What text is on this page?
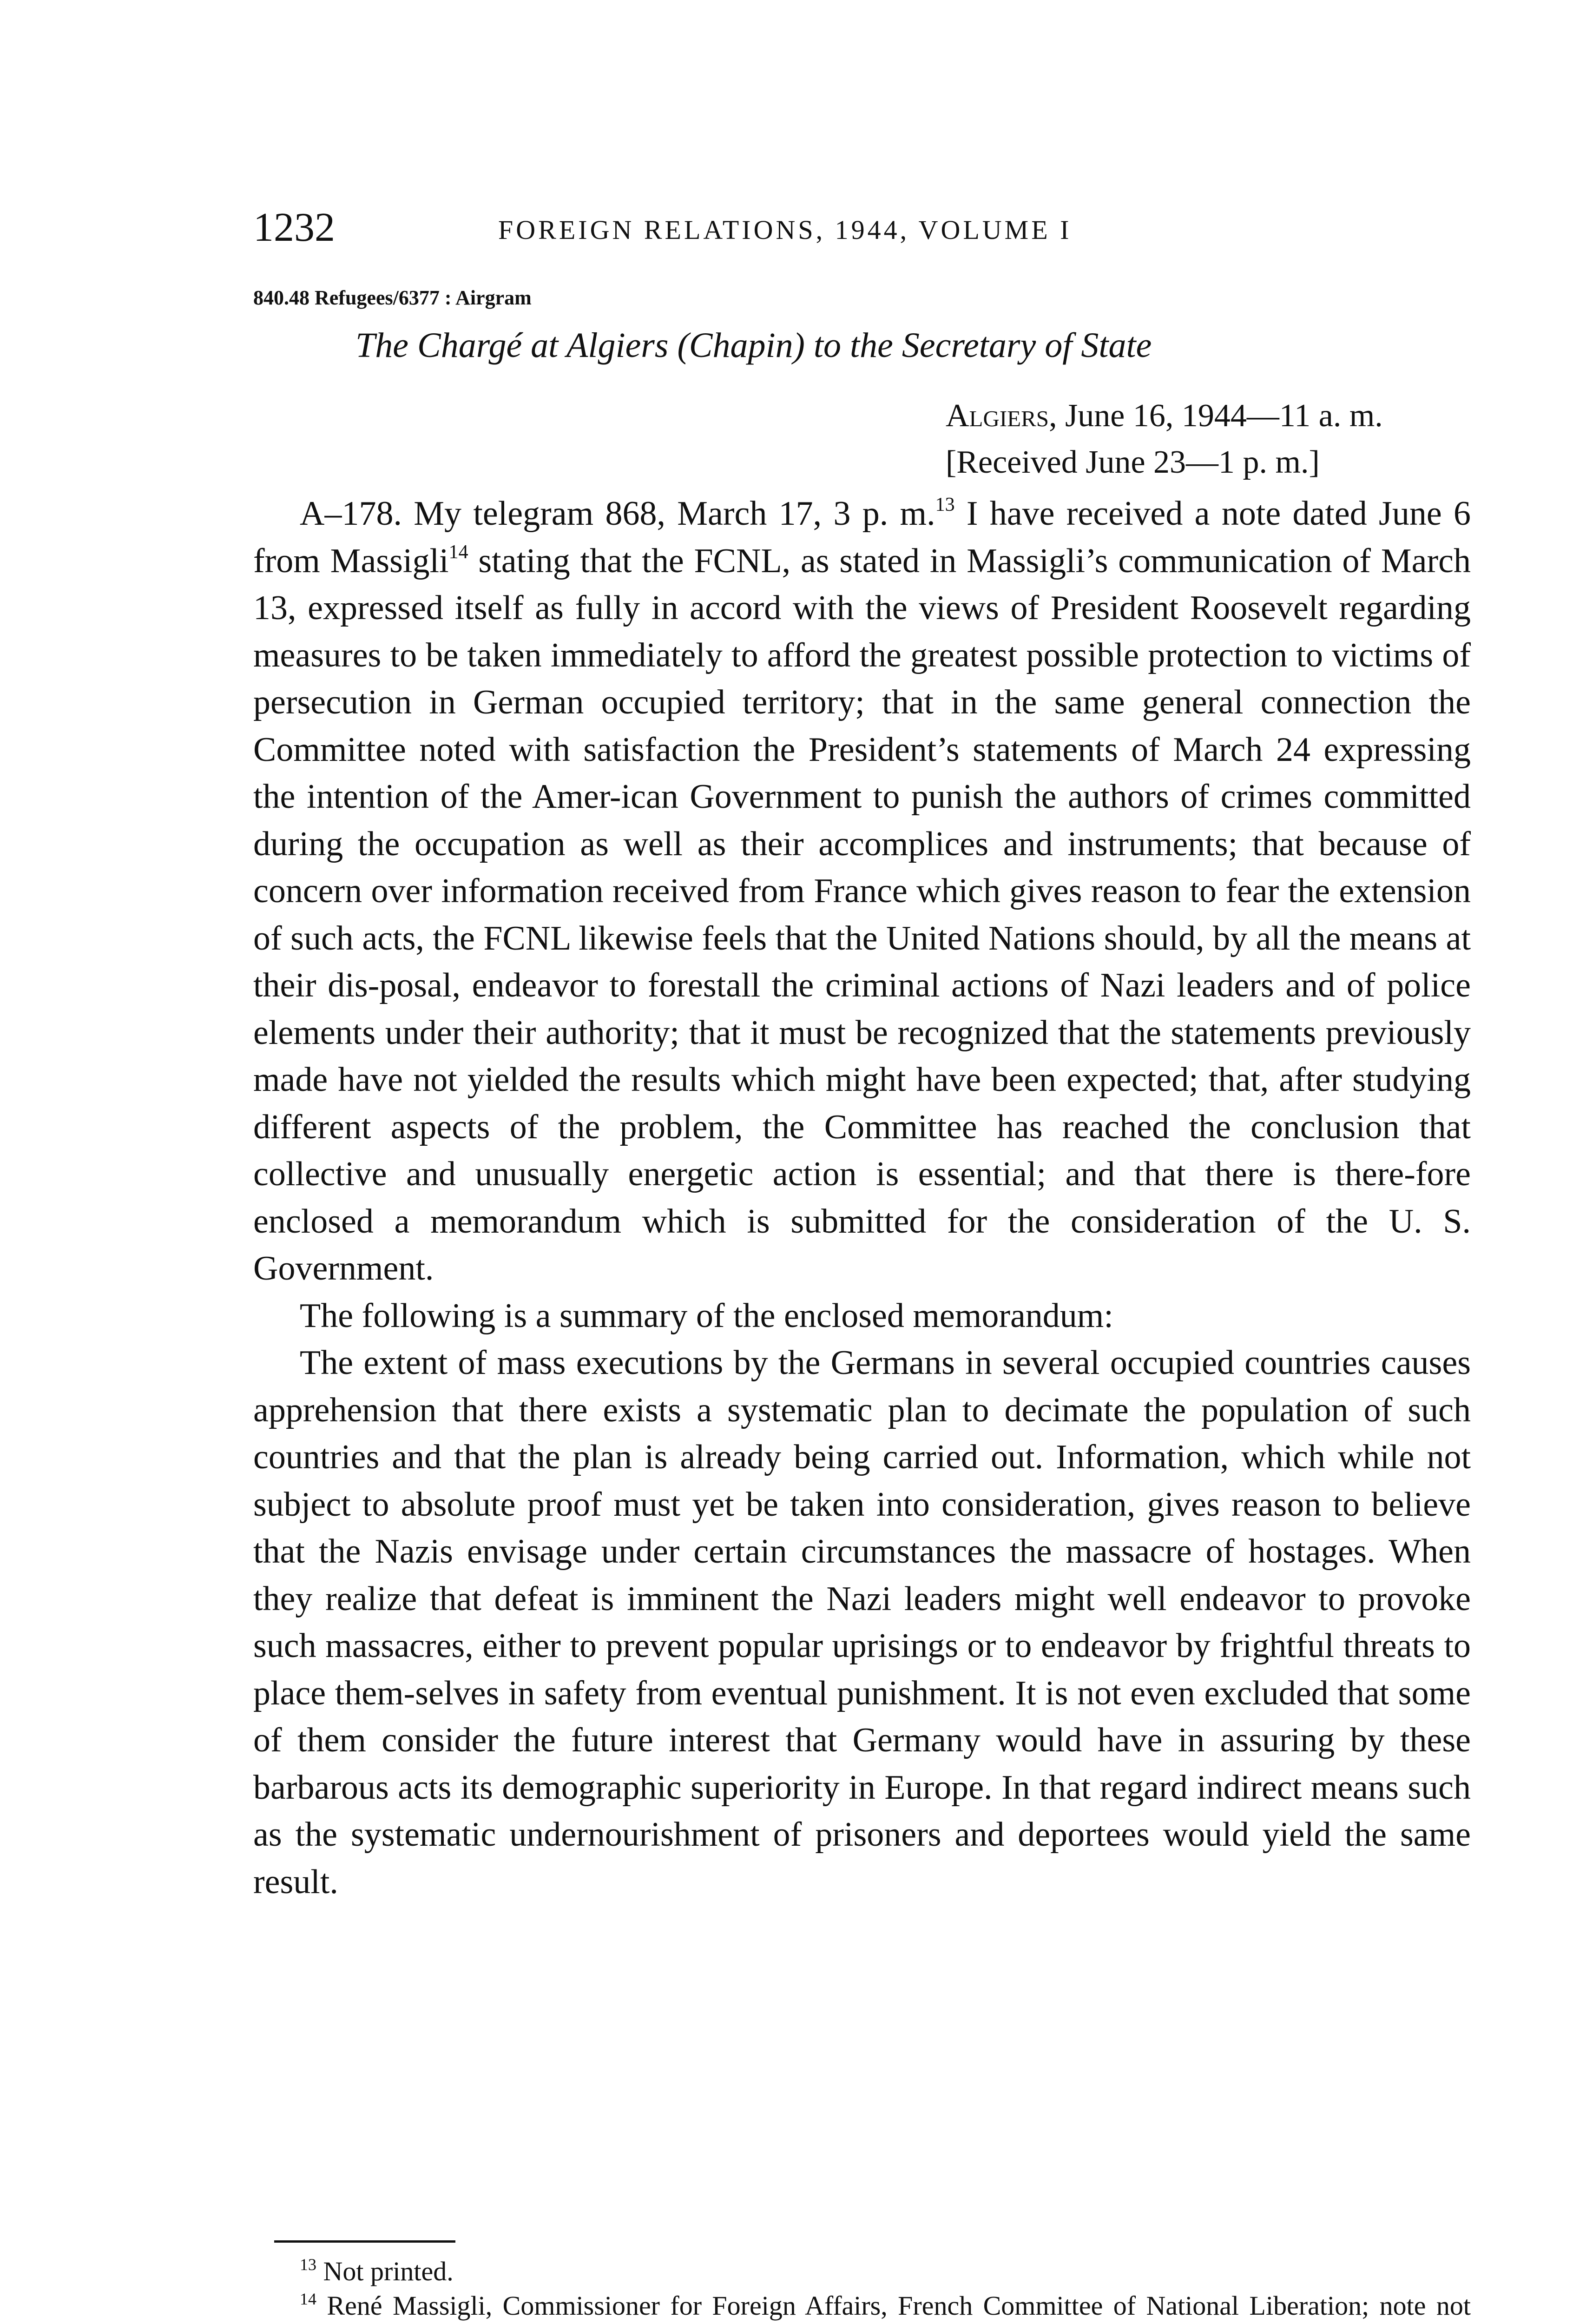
1232	FOREIGN RELATIONS, 1944, VOLUME I
840.48 Refugees/6377 : Airgram
The Chargé at Algiers (Chapin) to the Secretary of State
Algiers, June 16, 1944—11 a. m.
[Received June 23—1 p. m.]

A–178. My telegram 868, March 17, 3 p. m.$^{13}$ I have received a note dated June 6 from Massigli$^{14}$ stating that the FCNL, as stated in Massigli’s communication of March 13, expressed itself as fully in accord with the views of President Roosevelt regarding measures to be taken immediately to afford the greatest possible protection to victims of persecution in German occupied territory; that in the same general connection the Committee noted with satisfaction the President’s statements of March 24 expressing the intention of the Amer-ican Government to punish the authors of crimes committed during the occupation as well as their accomplices and instruments; that because of concern over information received from France which gives reason to fear the extension of such acts, the FCNL likewise feels that the United Nations should, by all the means at their dis-posal, endeavor to forestall the criminal actions of Nazi leaders and of police elements under their authority; that it must be recognized that the statements previously made have not yielded the results which might have been expected; that, after studying different aspects of the problem, the Committee has reached the conclusion that collective and unusually energetic action is essential; and that there is there-fore enclosed a memorandum which is submitted for the consideration of the U. S. Government.

The following is a summary of the enclosed memorandum:

The extent of mass executions by the Germans in several occupied countries causes apprehension that there exists a systematic plan to decimate the population of such countries and that the plan is already being carried out. Information, which while not subject to absolute proof must yet be taken into consideration, gives reason to believe that the Nazis envisage under certain circumstances the massacre of hostages. When they realize that defeat is imminent the Nazi leaders might well endeavor to provoke such massacres, either to prevent popular uprisings or to endeavor by frightful threats to place them-selves in safety from eventual punishment. It is not even excluded that some of them consider the future interest that Germany would have in assuring by these barbarous acts its demographic superiority in Europe. In that regard indirect means such as the systematic undernourishment of prisoners and deportees would yield the same result.

$^{13}$ Not printed.

$^{14}$ René Massigli, Commissioner for Foreign Affairs, French Committee of National Liberation; note not
